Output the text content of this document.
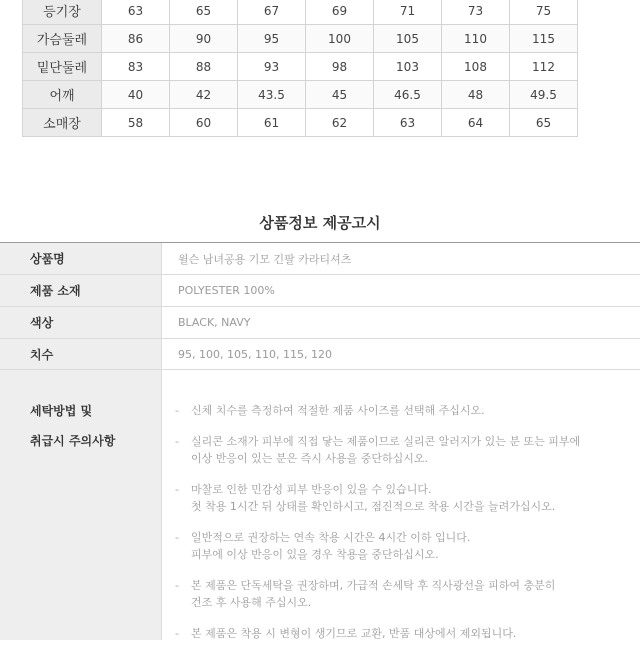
등기장	63	65	67	69	71	73	75
가슴둘레	86	90	95	100	105	110	115
밑단둘레	83	88	93	98	103	108	112
어깨	40	42	43.5	45	46.5	48	49.5
소매장	58	60	61	62	63	64	65
상품정보 제공고시
상품명	윌슨 남녀공용 기모 긴팔 카라티셔츠
제품 소재	POLYESTER 100%
색상	BLACK, NAVY
치수	95, 100, 105, 110, 115, 120
세탁방법 및
취급시 주의사항
- 신체 치수를 측정하여 적절한 제품 사이즈를 선택해 주십시오.
- 실리콘 소재가 피부에 직접 닿는 제품이므로 실리콘 알러지가 있는 분 또는 피부에
이상 반응이 있는 분은 즉시 사용을 중단하십시오.
- 마찰로 인한 민감성 피부 반응이 있을 수 있습니다.
첫 착용 1시간 뒤 상태를 확인하시고, 점진적으로 착용 시간을 늘려가십시오.
- 일반적으로 권장하는 연속 착용 시간은 4시간 이하 입니다.
피부에 이상 반응이 있을 경우 착용을 중단하십시오.
- 본 제품은 단독세탁을 권장하며, 가급적 손세탁 후 직사광선을 피하여 충분히
건조 후 사용해 주십시오.
- 본 제품은 착용 시 변형이 생기므로 교환, 반품 대상에서 제외됩니다.
